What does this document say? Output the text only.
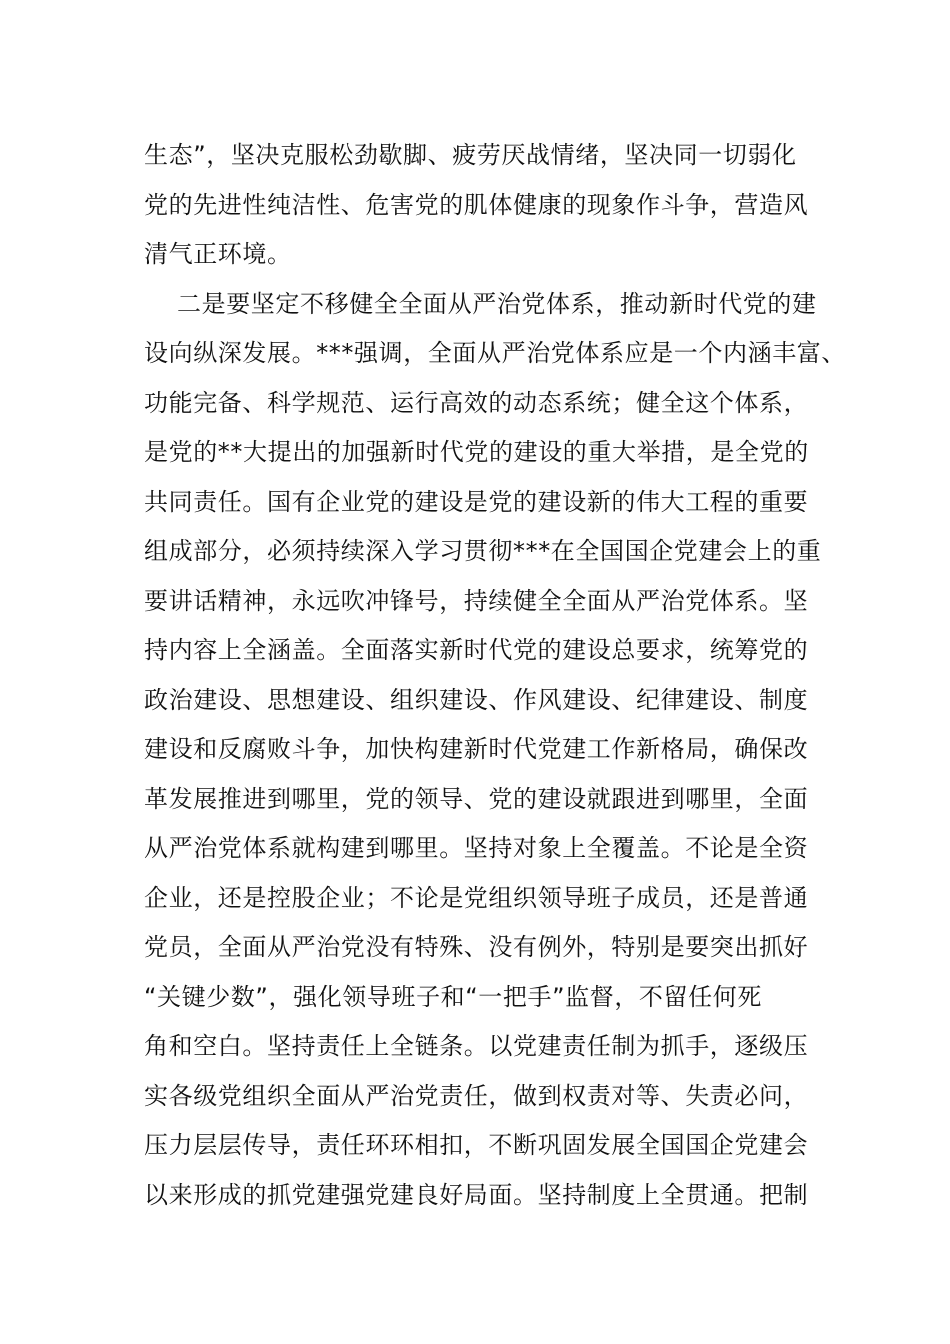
生态”，坚决克服松劲歇脚、疲劳厌战情绪，坚决同一切弱化
党的先进性纯洁性、危害党的肌体健康的现象作斗争，营造风
清气正环境。
二是要坚定不移健全全面从严治党体系，推动新时代党的建
设向纵深发展。***强调，全面从严治党体系应是一个内涵丰富、
功能完备、科学规范、运行高效的动态系统；健全这个体系，
是党的**大提出的加强新时代党的建设的重大举措，是全党的
共同责任。国有企业党的建设是党的建设新的伟大工程的重要
组成部分，必须持续深入学习贯彻***在全国国企党建会上的重
要讲话精神，永远吹冲锋号，持续健全全面从严治党体系。坚
持内容上全涵盖。全面落实新时代党的建设总要求，统筹党的
政治建设、思想建设、组织建设、作风建设、纪律建设、制度
建设和反腐败斗争，加快构建新时代党建工作新格局，确保改
革发展推进到哪里，党的领导、党的建设就跟进到哪里，全面
从严治党体系就构建到哪里。坚持对象上全覆盖。不论是全资
企业，还是控股企业；不论是党组织领导班子成员，还是普通
党员，全面从严治党没有特殊、没有例外，特别是要突出抓好
“关键少数”，强化领导班子和“一把手”监督，不留任何死
角和空白。坚持责任上全链条。以党建责任制为抓手，逐级压
实各级党组织全面从严治党责任，做到权责对等、失责必问，
压力层层传导，责任环环相扣，不断巩固发展全国国企党建会
以来形成的抓党建强党建良好局面。坚持制度上全贯通。把制
